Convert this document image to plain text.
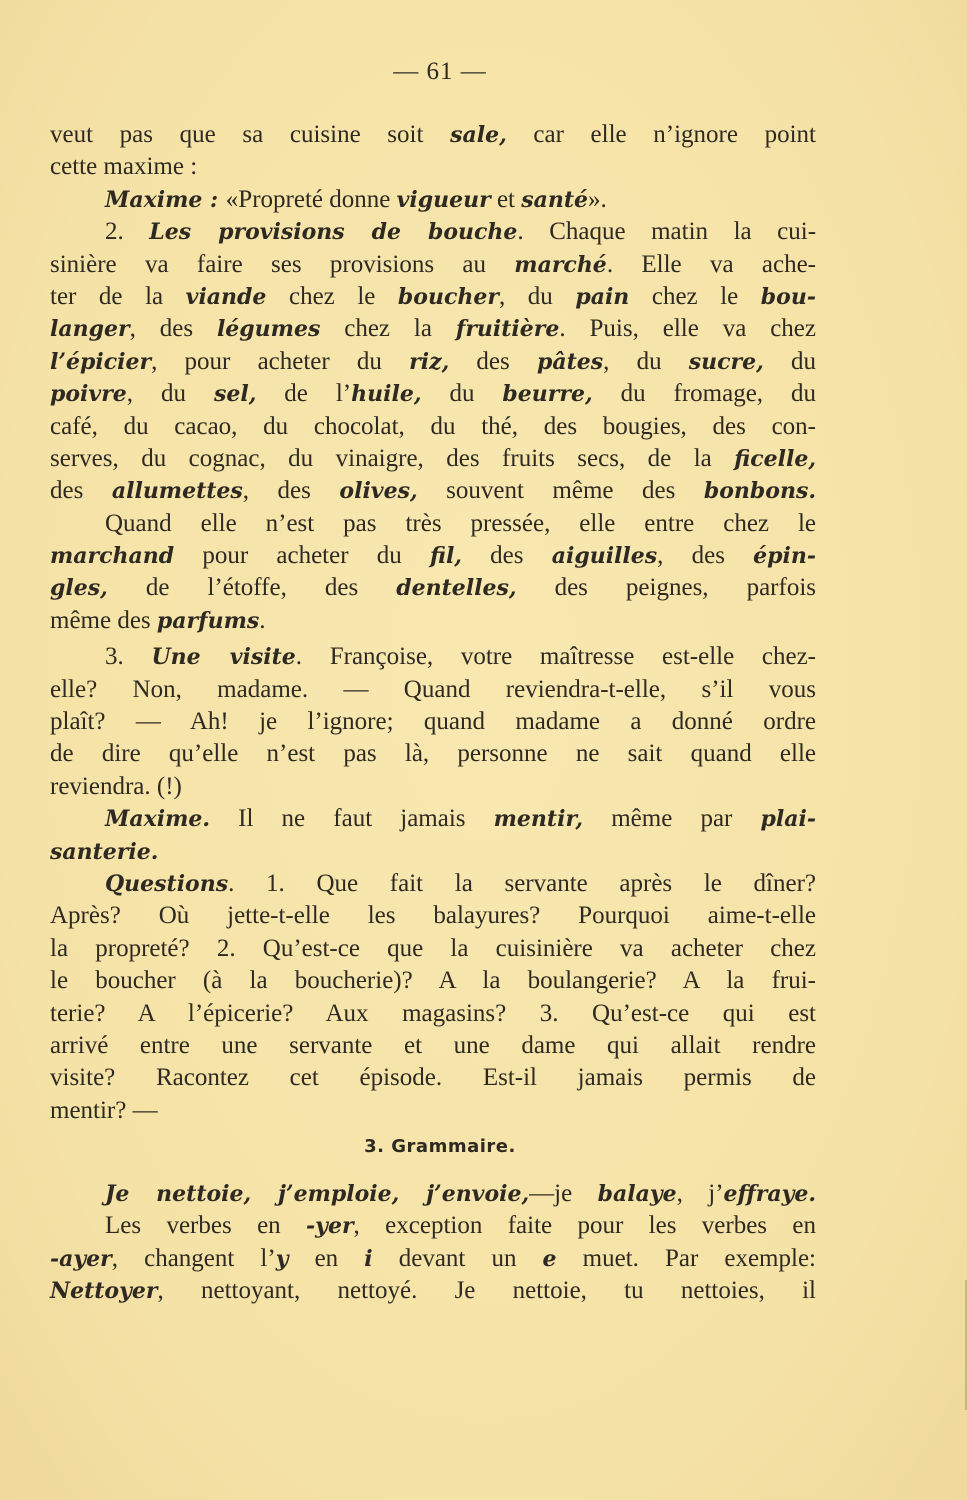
— 61 —
veut pas que sa cuisine soit sale, car elle n’ignore point
cette maxime :
Maxime : «Propreté donne vigueur et santé».
2. Les provisions de bouche. Chaque matin la cui-
sinière va faire ses provisions au marché. Elle va ache-
ter de la viande chez le boucher, du pain chez le bou-
langer, des légumes chez la fruitière. Puis, elle va chez
l’épicier, pour acheter du riz, des pâtes, du sucre, du
poivre, du sel, de l’huile, du beurre, du fromage, du
café, du cacao, du chocolat, du thé, des bougies, des con-
serves, du cognac, du vinaigre, des fruits secs, de la ficelle,
des allumettes, des olives, souvent même des bonbons.
Quand elle n’est pas très pressée, elle entre chez le
marchand pour acheter du fil, des aiguilles, des épin-
gles, de l’étoffe, des dentelles, des peignes, parfois
même des parfums.
3. Une visite. Françoise, votre maîtresse est-elle chez-
elle? Non, madame. — Quand reviendra-t-elle, s’il vous
plaît? — Ah! je l’ignore; quand madame a donné ordre
de dire qu’elle n’est pas là, personne ne sait quand elle
reviendra. (!)
Maxime. Il ne faut jamais mentir, même par plai-
santerie.
Questions. 1. Que fait la servante après le dîner?
Après? Où jette-t-elle les balayures? Pourquoi aime-t-elle
la propreté? 2. Qu’est-ce que la cuisinière va acheter chez
le boucher (à la boucherie)? A la boulangerie? A la frui-
terie? A l’épicerie? Aux magasins? 3. Qu’est-ce qui est
arrivé entre une servante et une dame qui allait rendre
visite? Racontez cet épisode. Est-il jamais permis de
mentir? —
3. Grammaire.
Je nettoie, j’emploie, j’envoie,—je balaye, j’effraye.
Les verbes en -yer, exception faite pour les verbes en
-ayer, changent l’y en i devant un e muet. Par exemple:
Nettoyer, nettoyant, nettoyé. Je nettoie, tu nettoies, il
